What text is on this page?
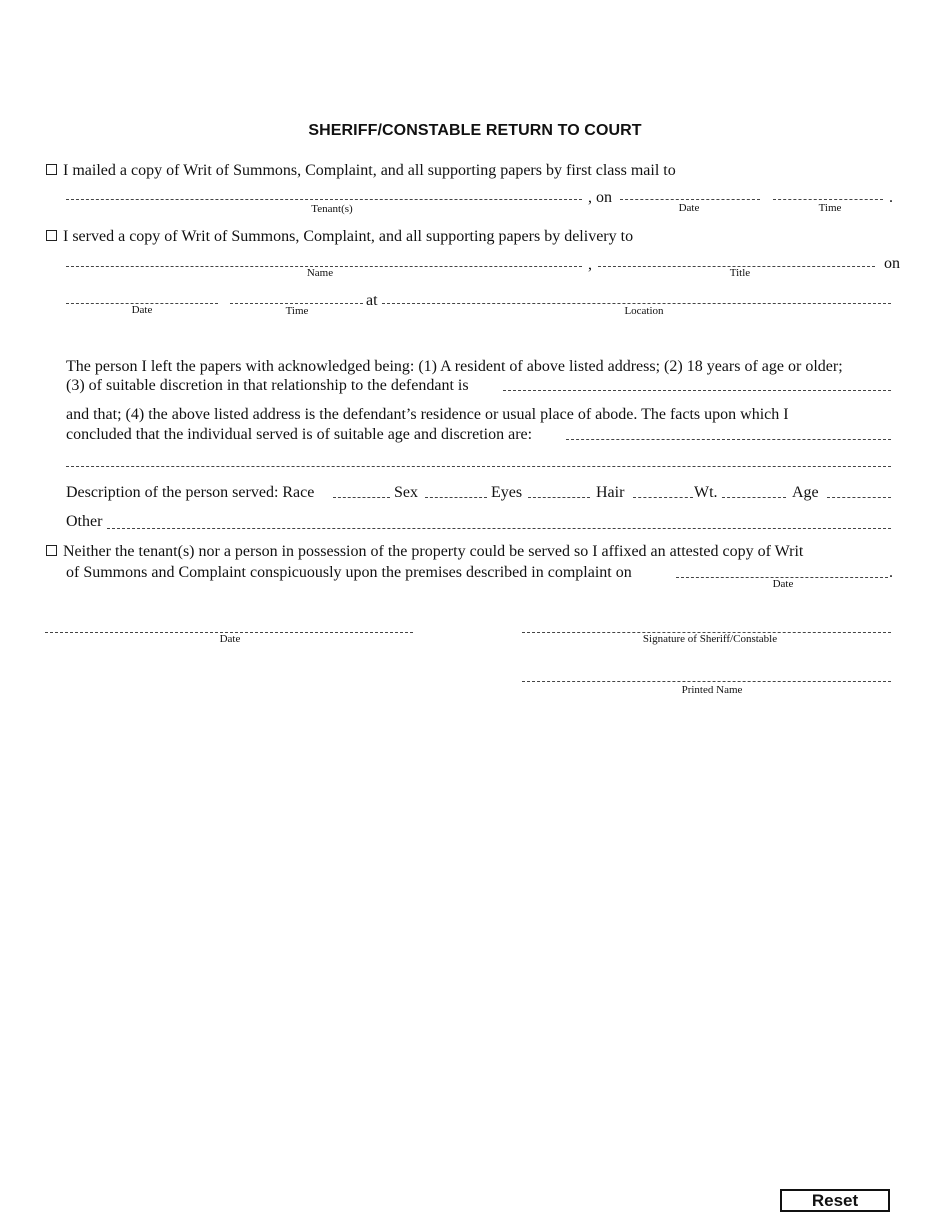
SHERIFF/CONSTABLE RETURN TO COURT
I mailed a copy of Writ of Summons, Complaint, and all supporting papers by first class mail to
, on	.
Tenant(s)	Date	Time
I served a copy of Writ of Summons, Complaint, and all supporting papers by delivery to
,	on
Name	Title
at
Date	Time	Location
The person I left the papers with acknowledged being: (1) A resident of above listed address; (2) 18 years of age or older;
(3) of suitable discretion in that relationship to the defendant is
and that; (4) the above listed address is the defendant’s residence or usual place of abode. The facts upon which I
concluded that the individual served is of suitable age and discretion are:
Description of the person served: Race	Sex	Eyes	Hair	Wt.	Age
Other
Neither the tenant(s) nor a person in possession of the property could be served so I affixed an attested copy of Writ
of Summons and Complaint conspicuously upon the premises described in complaint on	.
Date
Date	Signature of Sheriff/Constable
Printed Name
Reset
